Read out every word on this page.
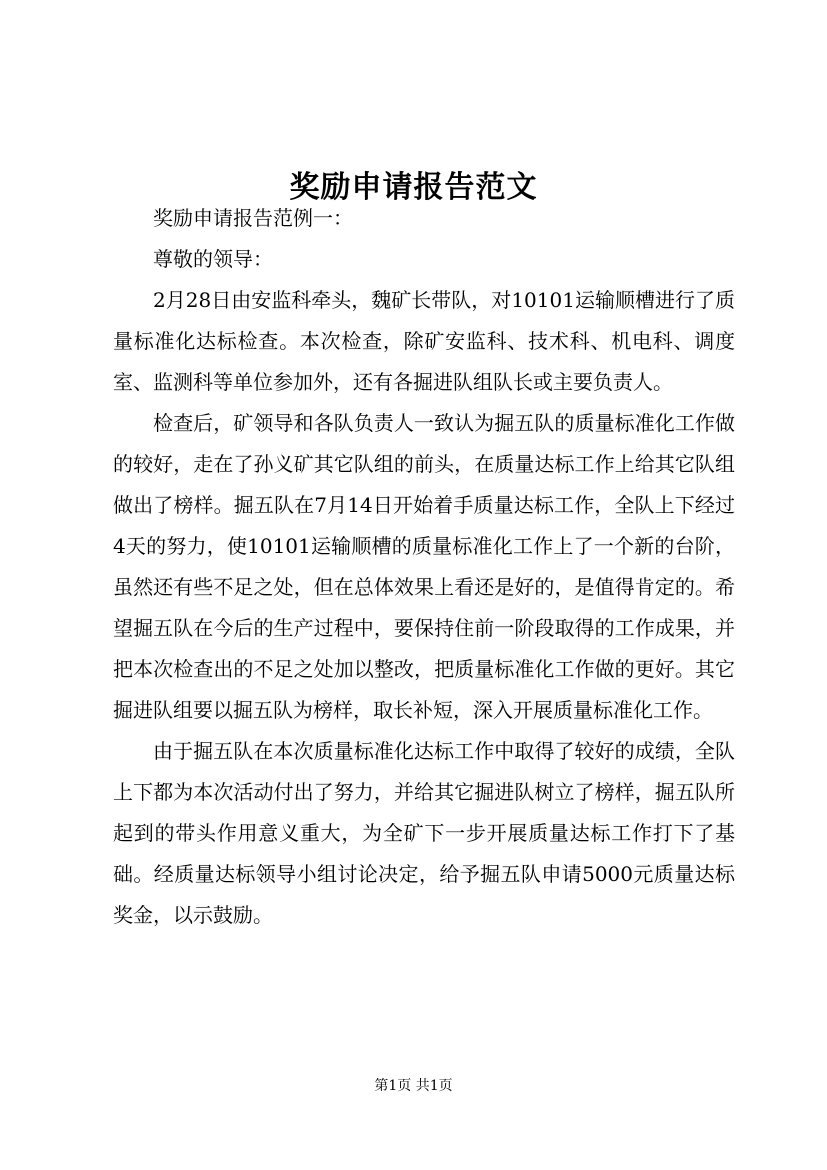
奖励申请报告范文

奖励申请报告范例一：

尊敬的领导：

2月28日由安监科牵头，魏矿长带队，对10101运输顺槽进行了质量标准化达标检查。本次检查，除矿安监科、技术科、机电科、调度室、监测科等单位参加外，还有各掘进队组队长或主要负责人。

检查后，矿领导和各队负责人一致认为掘五队的质量标准化工作做的较好，走在了孙义矿其它队组的前头，在质量达标工作上给其它队组做出了榜样。掘五队在7月14日开始着手质量达标工作，全队上下经过4天的努力，使10101运输顺槽的质量标准化工作上了一个新的台阶，虽然还有些不足之处，但在总体效果上看还是好的，是值得肯定的。希望掘五队在今后的生产过程中，要保持住前一阶段取得的工作成果，并把本次检查出的不足之处加以整改，把质量标准化工作做的更好。其它掘进队组要以掘五队为榜样，取长补短，深入开展质量标准化工作。

由于掘五队在本次质量标准化达标工作中取得了较好的成绩，全队上下都为本次活动付出了努力，并给其它掘进队树立了榜样，掘五队所起到的带头作用意义重大，为全矿下一步开展质量达标工作打下了基础。经质量达标领导小组讨论决定，给予掘五队申请5000元质量达标奖金，以示鼓励。

第1页 共1页
